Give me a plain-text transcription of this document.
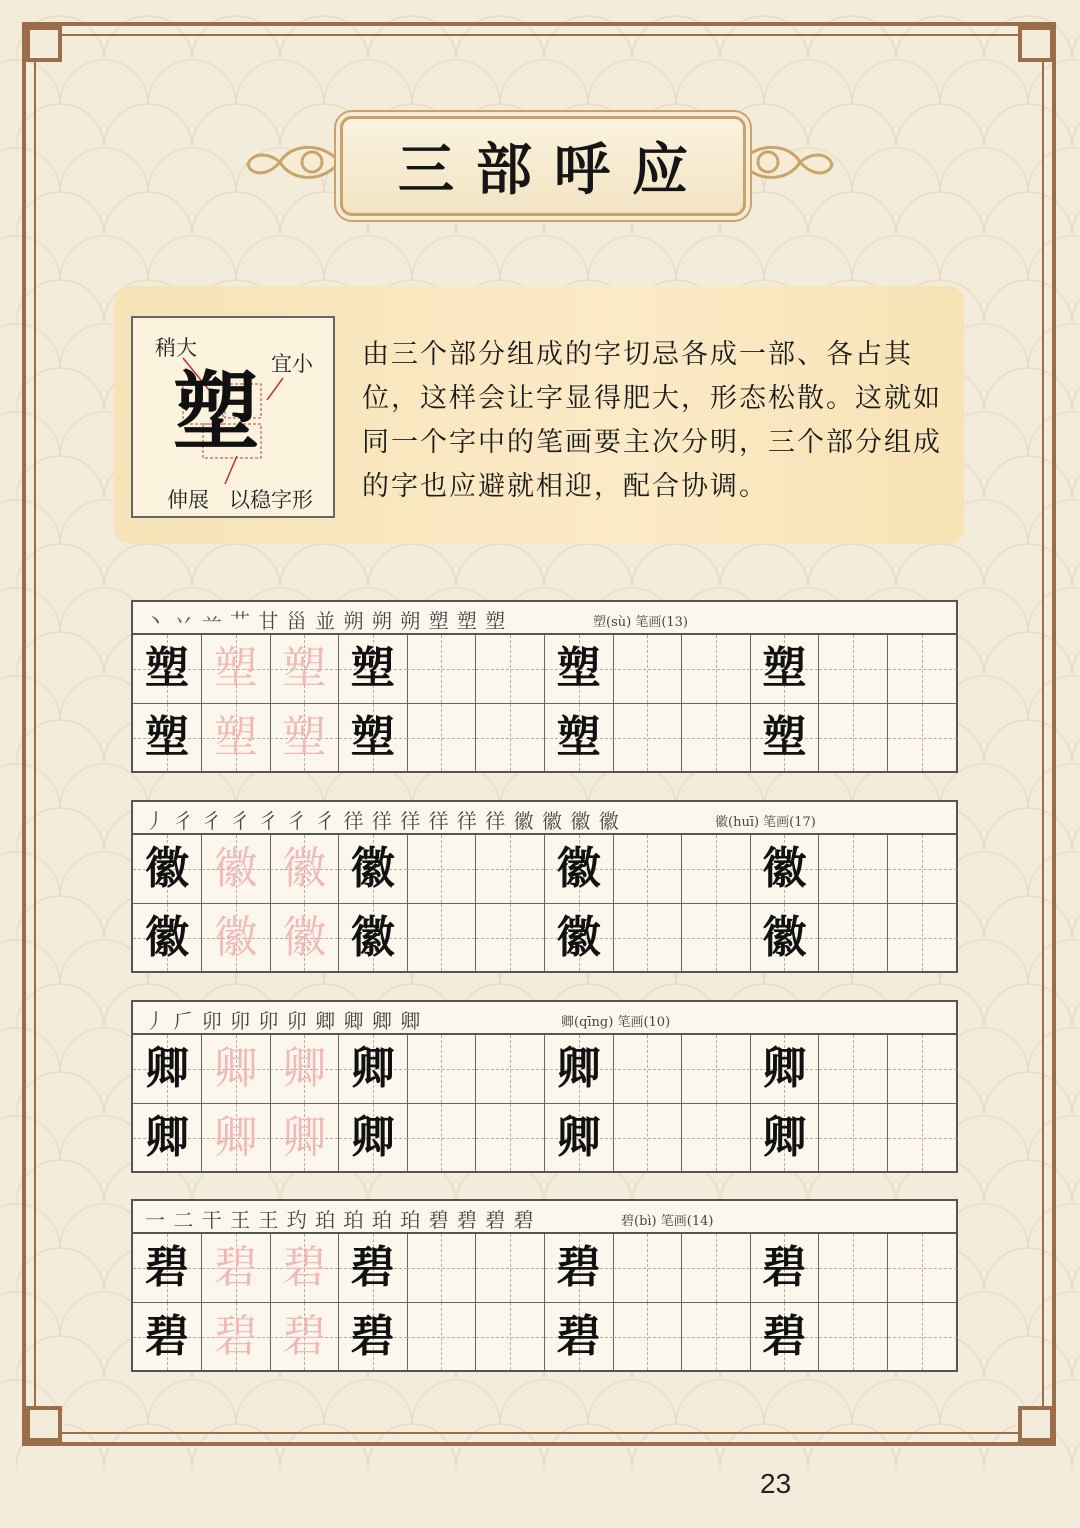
三部呼应
塑
稍大
宜小
伸展 以稳字形
由三个部分组成的字切忌各成一部、各占其位，这样会让字显得肥大，形态松散。这就如同一个字中的笔画要主次分明，三个部分组成的字也应避就相迎，配合协调。
丶 丷 䒑 艹 甘 甾 並 朔 朔 朔 塑 塑 塑	塑(sù) 笔画(13)
塑 塑 塑 塑	塑	塑
塑 塑 塑 塑	塑	塑
丿 彳 彳 彳 彳 彳 彳 徉 徉 徉 徉 徉 徉 徽 徽 徽 徽	徽(huī) 笔画(17)
徽 徽 徽 徽	徽	徽
徽 徽 徽 徽	徽	徽
丿 𠂆 卯 卯 卯 卯 卿 卿 卿 卿	卿(qīng) 笔画(10)
卿 卿 卿 卿	卿	卿
卿 卿 卿 卿	卿	卿
一 二 干 王 王 玓 珀 珀 珀 珀 碧 碧 碧 碧	碧(bì) 笔画(14)
碧 碧 碧 碧	碧	碧
碧 碧 碧 碧	碧	碧
23
